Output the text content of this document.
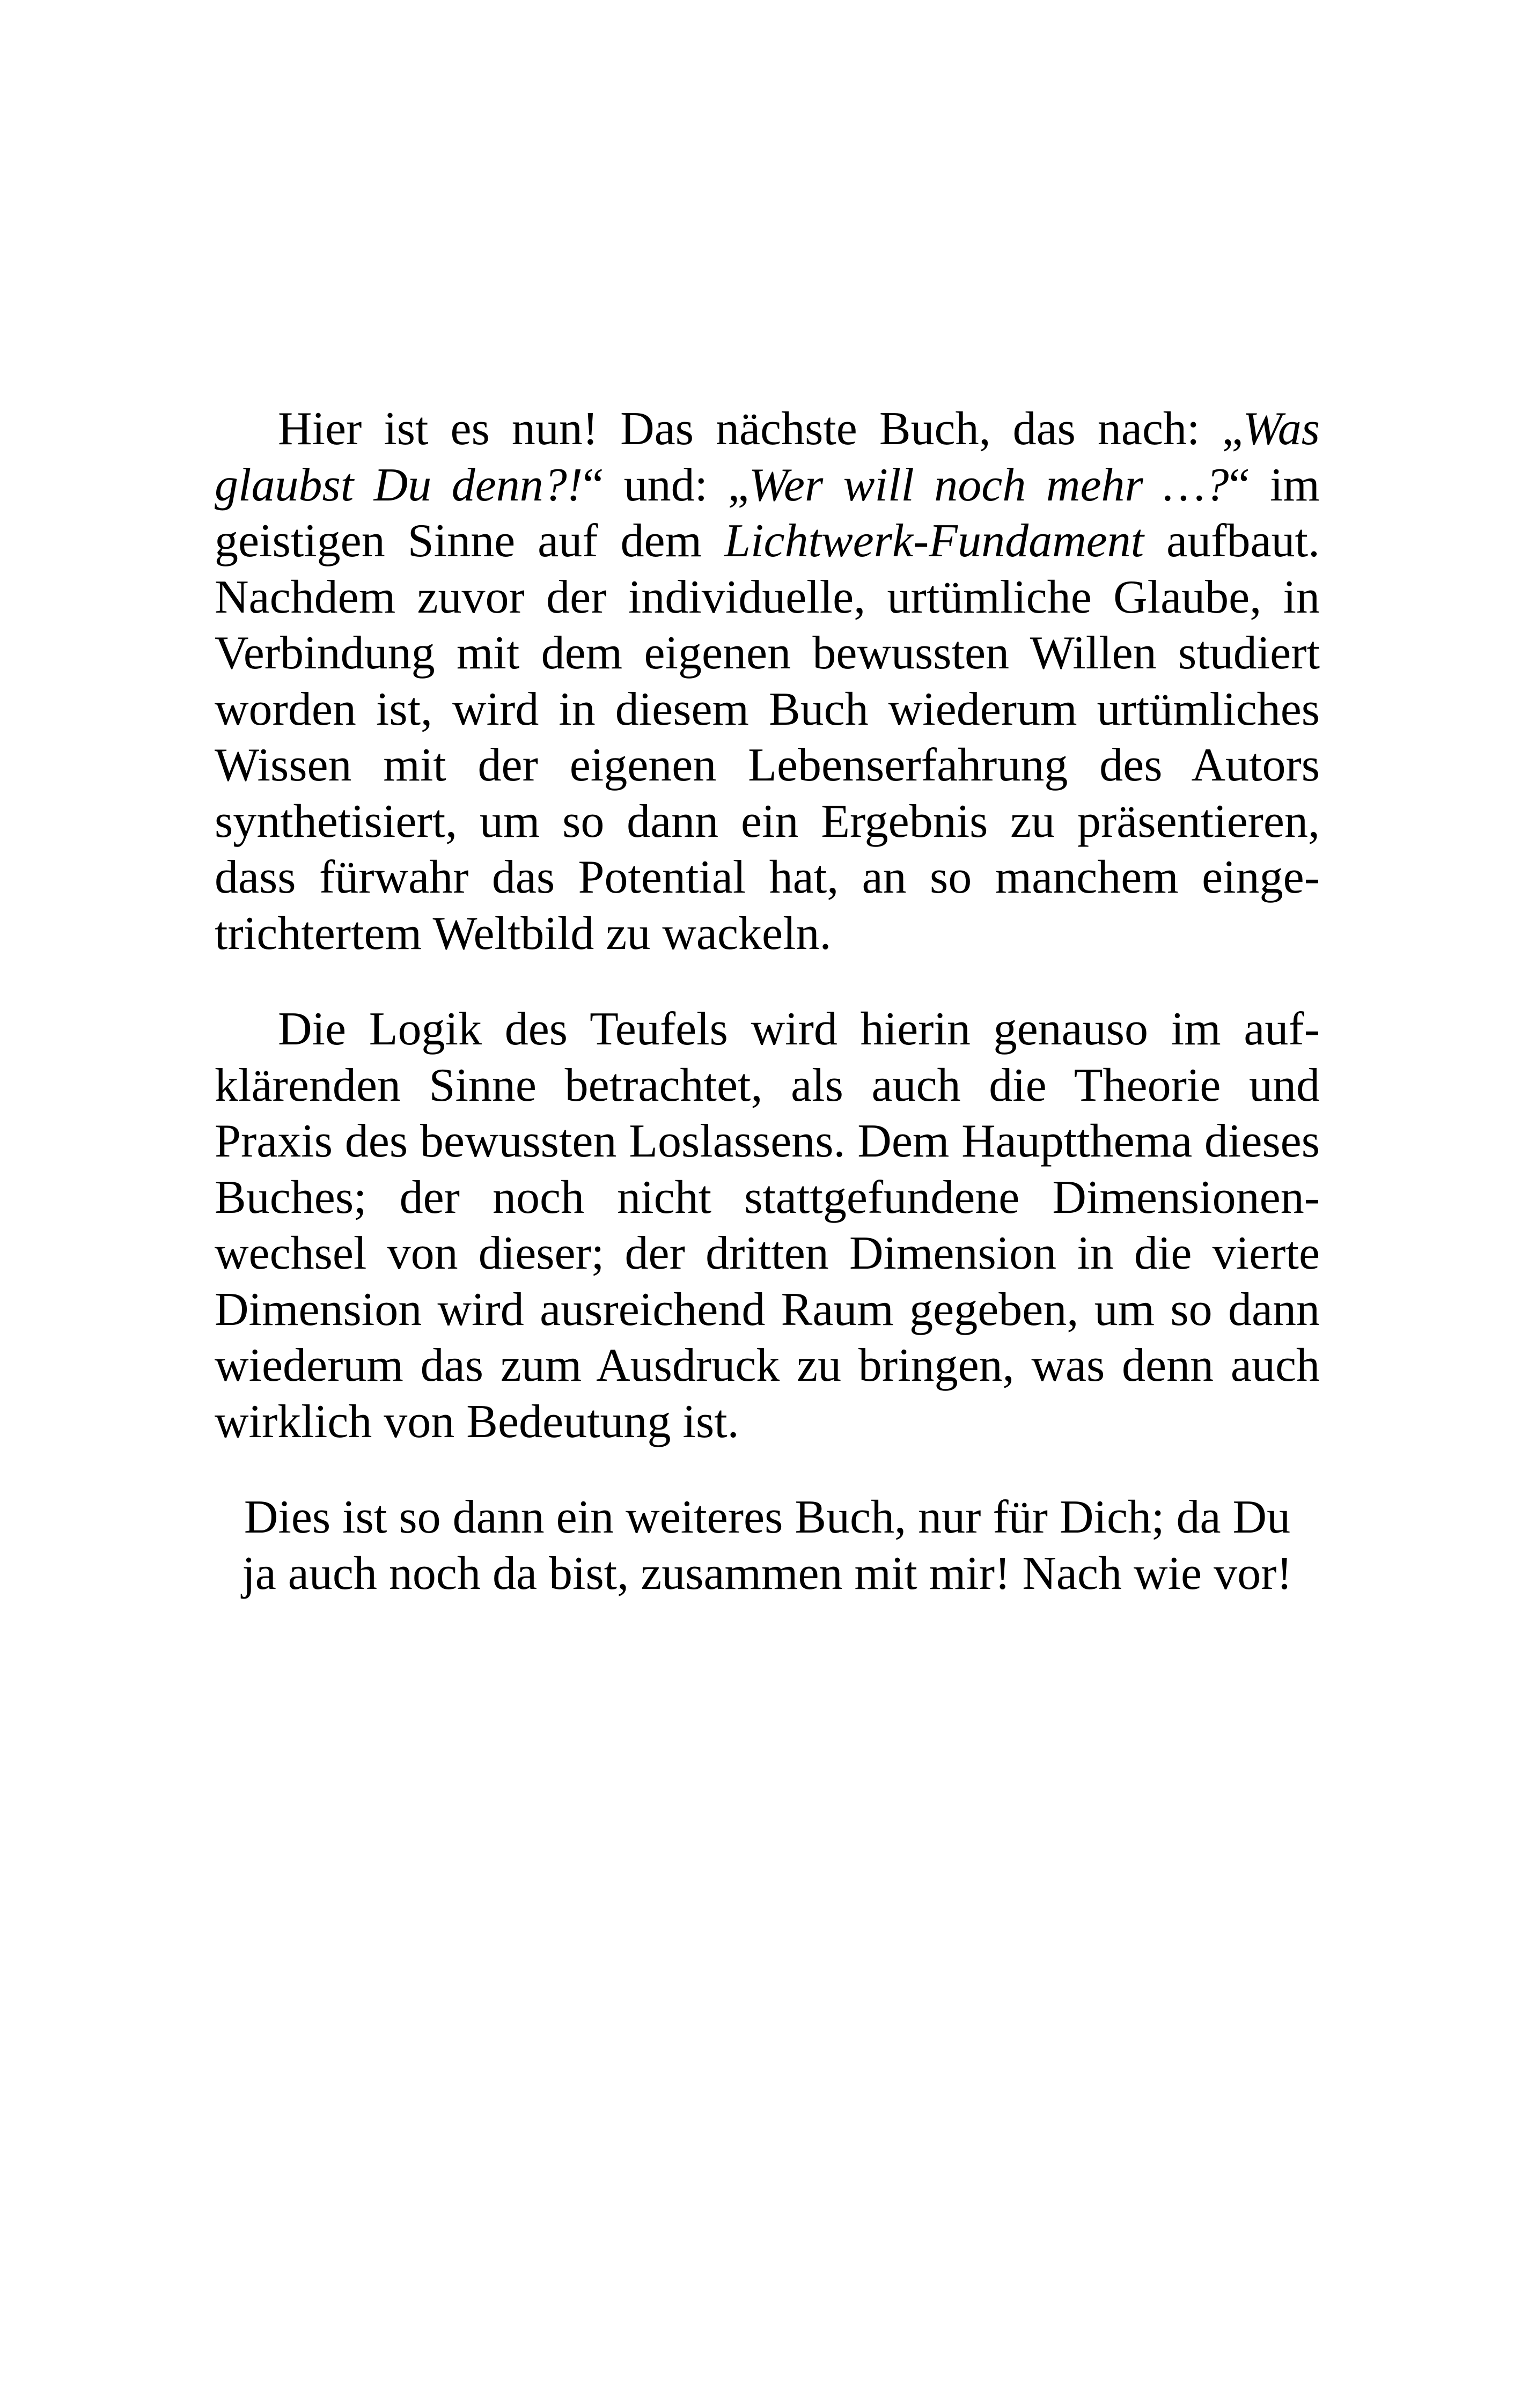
Hier ist es nun! Das nächste Buch, das nach: „Was glaubst Du denn?!“ und: „Wer will noch mehr …?“ im geistigen Sinne auf dem Lichtwerk-Fundament aufbaut. Nachdem zuvor der individuelle, urtümliche Glaube, in Verbindung mit dem eigenen bewussten Willen studiert worden ist, wird in diesem Buch wiederum urtümliches Wissen mit der eigenen Lebenserfahrung des Autors synthetisiert, um so dann ein Ergebnis zu präsentieren, dass fürwahr das Potential hat, an so manchem eingetrichtertem Weltbild zu wackeln.

Die Logik des Teufels wird hierin genauso im aufklärenden Sinne betrachtet, als auch die Theorie und Praxis des bewussten Loslassens. Dem Hauptthema dieses Buches; der noch nicht stattgefundene Dimensionenwechsel von dieser; der dritten Dimension in die vierte Dimension wird ausreichend Raum gegeben, um so dann wiederum das zum Ausdruck zu bringen, was denn auch wirklich von Bedeutung ist.

Dies ist so dann ein weiteres Buch, nur für Dich; da Du ja auch noch da bist, zusammen mit mir! Nach wie vor!
